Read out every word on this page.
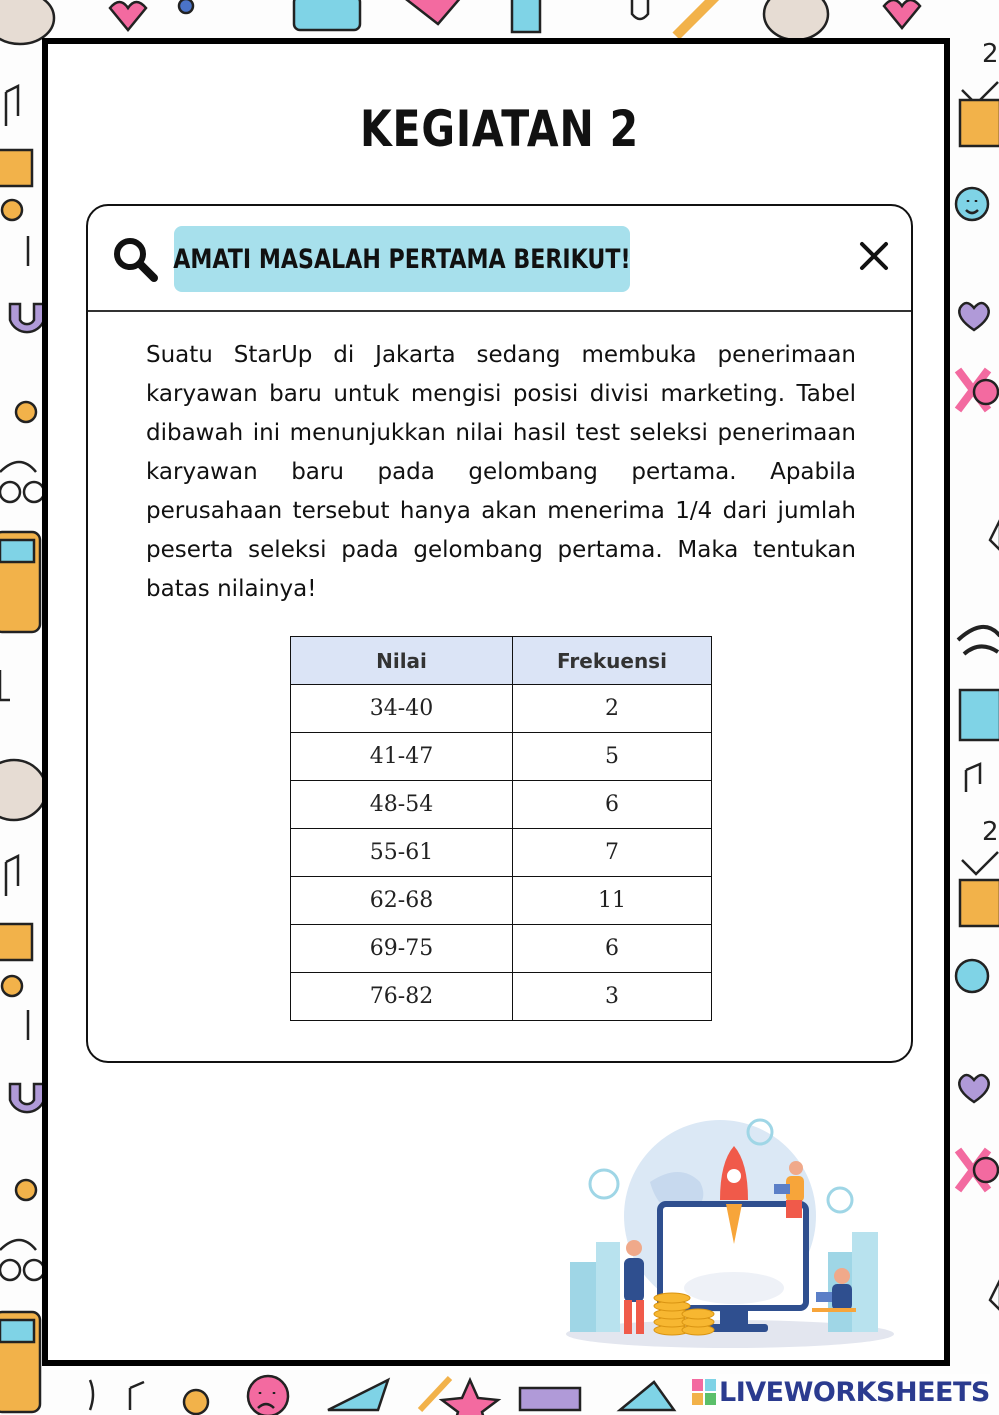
2
2
KEGIATAN 2
AMATI MASALAH PERTAMA BERIKUT!

Suatu StarUp di Jakarta sedang membuka penerimaan karyawan baru untuk mengisi posisi divisi marketing. Tabel dibawah ini menunjukkan nilai hasil test seleksi penerimaan karyawan baru pada gelombang pertama. Apabila perusahaan tersebut hanya akan menerima 1/4 dari jumlah peserta seleksi pada gelombang pertama. Maka tentukan batas nilainya!

Nilai	Frekuensi
34-40	2
41-47	5
48-54	6
55-61	7
62-68	11
69-75	6
76-82	3
LIVEWORKSHEETS
